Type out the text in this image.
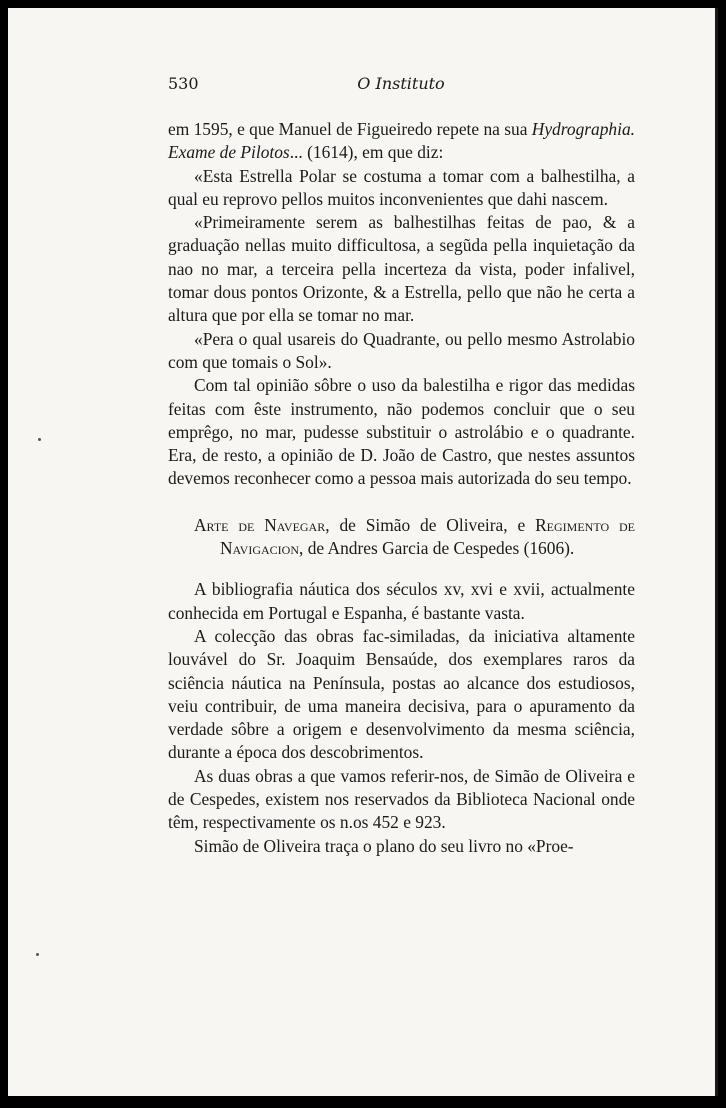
530	O Instituto

em 1595, e que Manuel de Figueiredo repete na sua Hydrographia. Exame de Pilotos... (1614), em que diz:

«Esta Estrella Polar se costuma a tomar com a balhestilha, a qual eu reprovo pellos muitos inconvenientes que dahi nascem.

«Primeiramente serem as balhestilhas feitas de pao, & a graduação nellas muito difficultosa, a segũda pella inquietação da nao no mar, a terceira pella incerteza da vista, poder infalivel, tomar dous pontos Orizonte, & a Estrella, pello que não he certa a altura que por ella se tomar no mar.

«Pera o qual usareis do Quadrante, ou pello mesmo Astrolabio com que tomais o Sol».

Com tal opinião sôbre o uso da balestilha e rigor das medidas feitas com êste instrumento, não podemos concluir que o seu emprêgo, no mar, pudesse substituir o astrolábio e o quadrante. Era, de resto, a opinião de D. João de Castro, que nestes assuntos devemos reconhecer como a pessoa mais autorizada do seu tempo.

Arte de Navegar, de Simão de Oliveira, e Regimento de Navigacion, de Andres Garcia de Cespedes (1606).

A bibliografia náutica dos séculos xv, xvi e xvii, actualmente conhecida em Portugal e Espanha, é bastante vasta.

A colecção das obras fac-similadas, da iniciativa altamente louvável do Sr. Joaquim Bensaúde, dos exemplares raros da sciência náutica na Península, postas ao alcance dos estudiosos, veiu contribuir, de uma maneira decisiva, para o apuramento da verdade sôbre a origem e desenvolvimento da mesma sciência, durante a época dos descobrimentos.

As duas obras a que vamos referir-nos, de Simão de Oliveira e de Cespedes, existem nos reservados da Biblioteca Nacional onde têm, respectivamente os n.os 452 e 923.

Simão de Oliveira traça o plano do seu livro no «Proe-
